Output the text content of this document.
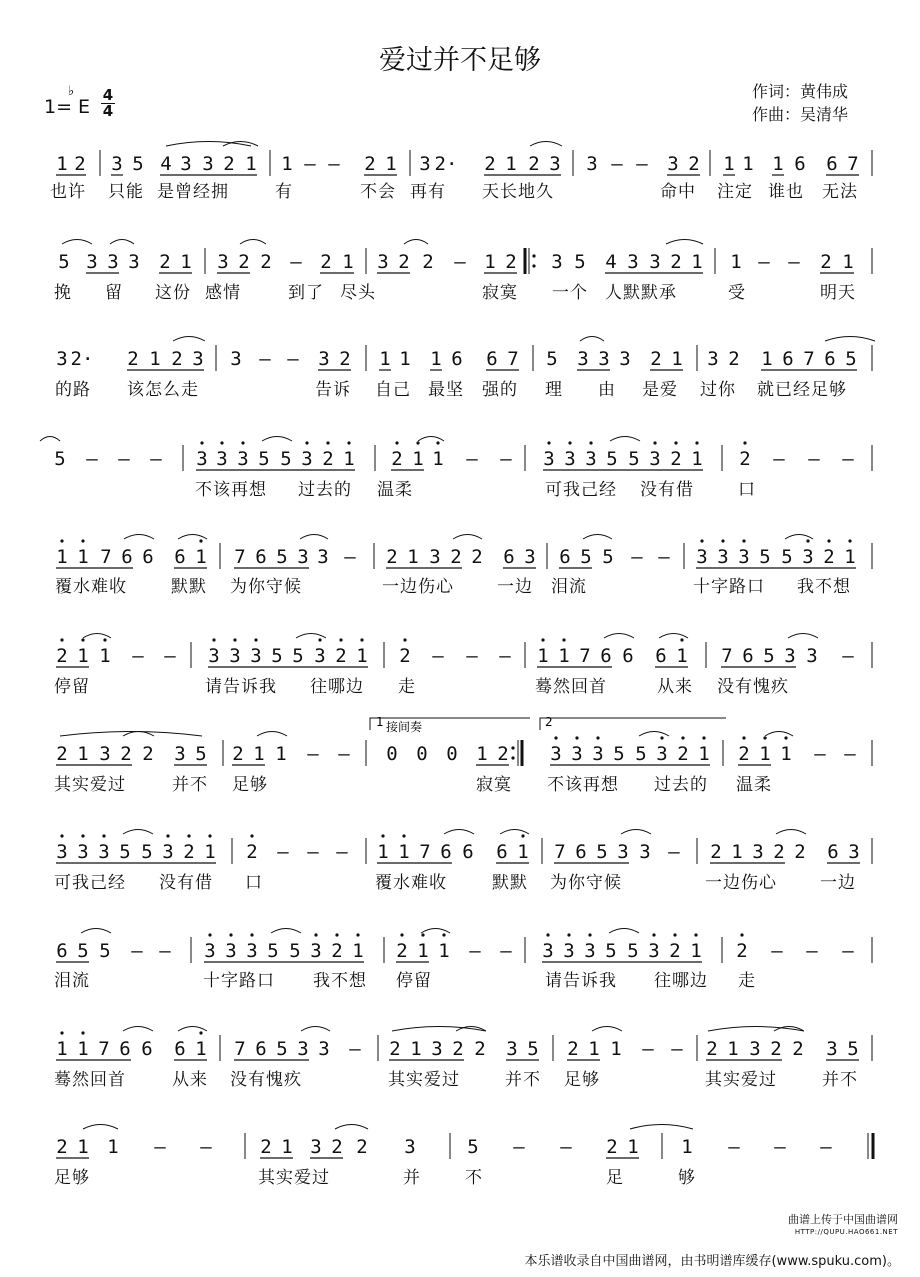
爱过并不足够
1=
♭
E $\frac{4}{4}$	作词：黄伟成
作曲：吴清华
1 2 3 5 4 3 3 2 1 1 – – 2 1 3 2· 2 1 2 3 3 – – 3 2 1 1 1 6 6 7
也许 只能 是曾经拥	有	不会 再有 天长地久	命中 注定 谁也 无法
5 3 3 3 2 1 3 2 2 – 2 1 3 2 2 – 1 2 3 5 4 3 3 2 1 1 – – 2 1
挽 留 这份 感情	到了 尽头	寂寞 一个 人默默承	受	明天
3 2· 2 1 2 3 3 – – 3 2 1 1 1 6 6 7 5 3 3 3 2 1 3 2 1 6 7 6 5
的路 该怎么走	告诉 自己 最坚 强的 理 由 是爱 过你 就已经足够
5 – – – 3 3 3 5 5 3 2 1 2 1 1 – – 3 3 3 5 5 3 2 1 2 – – –
不该再想 过去的 温柔	可我己经 没有借	口
1 1 7 6 6 6 1 7 6 5 3 3 – 2 1 3 2 2 6 3 6 5 5 – – 3 3 3 5 5 3 2 1
覆水难收	默默 为你守候	一边伤心	一边 泪流	十字路口 我不想
2 1 1 – – 3 3 3 5 5 3 2 1 2 – – – 1 1 7 6 6 6 1 7 6 5 3 3 –
停留	请告诉我 往哪边 走	蓦然回首	从来 没有愧疚
2 1 3 2 2 3 5 2 1 1 – – 0 0 0 1 2 3 3 3 5 5 3 2 1 2 1 1 – –
1 接间奏	2
其实爱过	并不 足够	寂寞 不该再想 过去的 温柔
3 3 3 5 5 3 2 1 2 – – – 1 1 7 6 6 6 1 7 6 5 3 3 – 2 1 3 2 2 6 3
可我己经 没有借 口	覆水难收	默默 为你守候	一边伤心	一边
6 5 5 – – 3 3 3 5 5 3 2 1 2 1 1 – – 3 3 3 5 5 3 2 1 2 – – –
泪流	十字路口 我不想 停留	请告诉我 往哪边 走
1 1 7 6 6 6 1 7 6 5 3 3 – 2 1 3 2 2 3 5 2 1 1 – – 2 1 3 2 2 3 5
蓦然回首	从来 没有愧疚	其实爱过	并不 足够	其实爱过	并不
2 1 1 – –	2 1 3 2 2 3	5 – – 2 1 1 – – –
足够	其实爱过	并	不	足	够
曲谱上传于中国曲谱网
HTTP://QUPU.HAO661.NET
本乐谱收录自中国曲谱网，由书明谱库缓存(www.spuku.com)。
